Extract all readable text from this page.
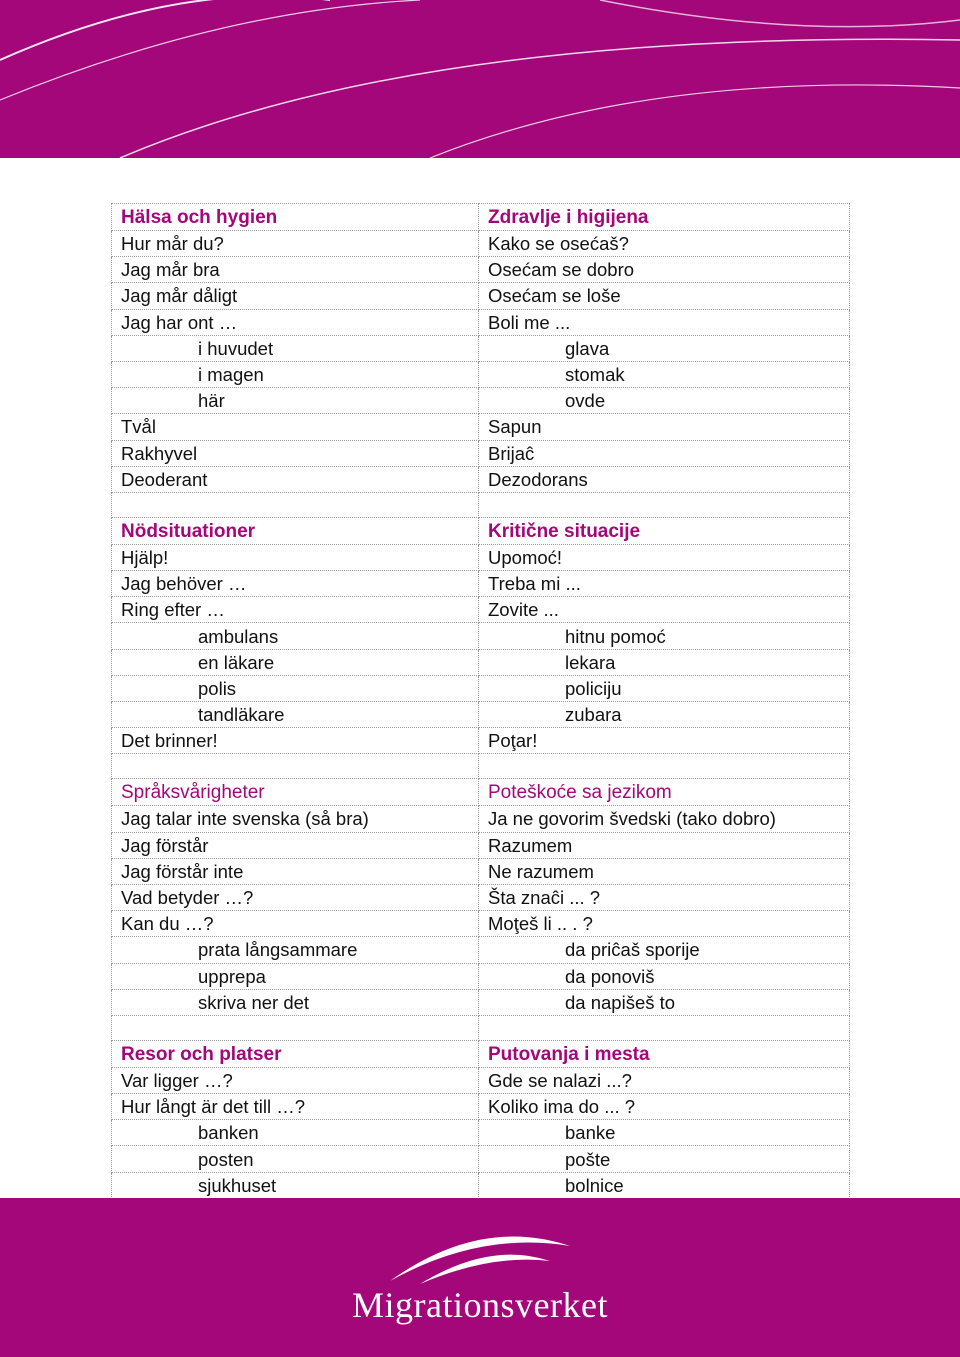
Hälsa och hygien	Zdravlje i higijena
Hur mår du?	Kako se osećaš?
Jag mår bra	Osećam se dobro
Jag mår dåligt	Osećam se loše
Jag har ont …	Boli me ...
i huvudet	glava
i magen	stomak
här	ovde
Tvål	Sapun
Rakhyvel	Brijaĉ
Deoderant	Dezodorans

Nödsituationer	Kritične situacije
Hjälp!	Upomoć!
Jag behöver …	Treba mi ...
Ring efter …	Zovite ...
ambulans	hitnu pomoć
en läkare	lekara
polis	policiju
tandläkare	zubara
Det brinner!	Poţar!

Språksvårigheter	Poteškoće sa jezikom
Jag talar inte svenska (så bra)	Ja ne govorim švedski (tako dobro)
Jag förstår	Razumem
Jag förstår inte	Ne razumem
Vad betyder …?	Šta znaĉi ... ?
Kan du …?	Moţeš li .. . ?
prata långsammare	da priĉaš sporije
upprepa	da ponoviš
skriva ner det	da napišeš to

Resor och platser	Putovanja i mesta
Var ligger …?	Gde se nalazi ...?
Hur långt är det till …?	Koliko ima do ... ?
banken	banke
posten	pošte
sjukhuset	bolnice
Migrationsverket
